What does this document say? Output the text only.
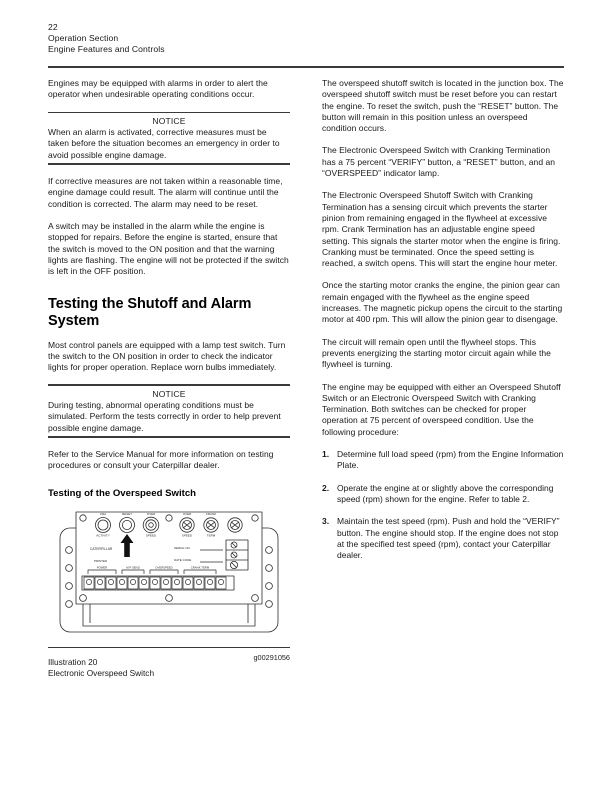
22
Operation Section
Engine Features and Controls

Engines may be equipped with alarms in order to alert the operator when undesirable operating conditions occur.

NOTICE

When an alarm is activated, corrective measures must be taken before the situation becomes an emergency in order to avoid possible engine damage.

If corrective measures are not taken within a reasonable time, engine damage could result. The alarm will continue until the condition is corrected. The alarm may need to be reset.

A switch may be installed in the alarm while the engine is stopped for repairs. Before the engine is started, ensure that the switch is moved to the ON position and that the warning lights are flashing. The engine will not be protected if the switch is left in the OFF position.

Testing the Shutoff and Alarm System

Most control panels are equipped with a lamp test switch. Turn the switch to the ON position in order to check the indicator lights for proper operation. Replace worn bulbs immediately.

NOTICE

During testing, abnormal operating conditions must be simulated. Perform the tests correctly in order to help prevent possible engine damage.

Refer to the Service Manual for more information on testing procedures or consult your Caterpillar dealer.

Testing of the Overspeed Switch
CRA
ACTIVITY
RESET	OVER
SPEED
OVER
SPEED
CRANK
TERM
POWER	M P SEND	OVERSPEED	CRANK TERM
CATERPILLAR
PRINTED
SERIAL NO.
DATE CODE
Illustration 20	g00291056
Electronic Overspeed Switch

The overspeed shutoff switch is located in the junction box. The overspeed shutoff switch must be reset before you can restart the engine. To reset the switch, push the “RESET” button. The button will remain in this position unless an overspeed condition occurs.

The Electronic Overspeed Switch with Cranking Termination has a 75 percent “VERIFY” button, a “RESET” button, and an “OVERSPEED” indicator lamp.

The Electronic Overspeed Shutoff Switch with Cranking Termination has a sensing circuit which prevents the starter pinion from remaining engaged in the flywheel at excessive rpm. Crank Termination has an adjustable engine speed setting. This signals the starter motor when the engine is firing. Cranking must be terminated. Once the speed setting is reached, a switch opens. This will start the engine hour meter.

Once the starting motor cranks the engine, the pinion gear can remain engaged with the flywheel as the engine speed increases. The magnetic pickup opens the circuit to the starting motor at 400 rpm. This will allow the pinion gear to disengage.

The circuit will remain open until the flywheel stops. This prevents energizing the starting motor circuit again while the flywheel is turning.

The engine may be equipped with either an Overspeed Shutoff Switch or an Electronic Overspeed Switch with Cranking Termination. Both switches can be checked for proper operation at 75 percent of overspeed condition. Use the following procedure:

1. Determine full load speed (rpm) from the Engine Information Plate.

2. Operate the engine at or slightly above the corresponding speed (rpm) shown for the engine. Refer to table 2.

3. Maintain the test speed (rpm). Push and hold the “VERIFY” button. The engine should stop. If the engine does not stop at the specified test speed (rpm), contact your Caterpillar dealer.
